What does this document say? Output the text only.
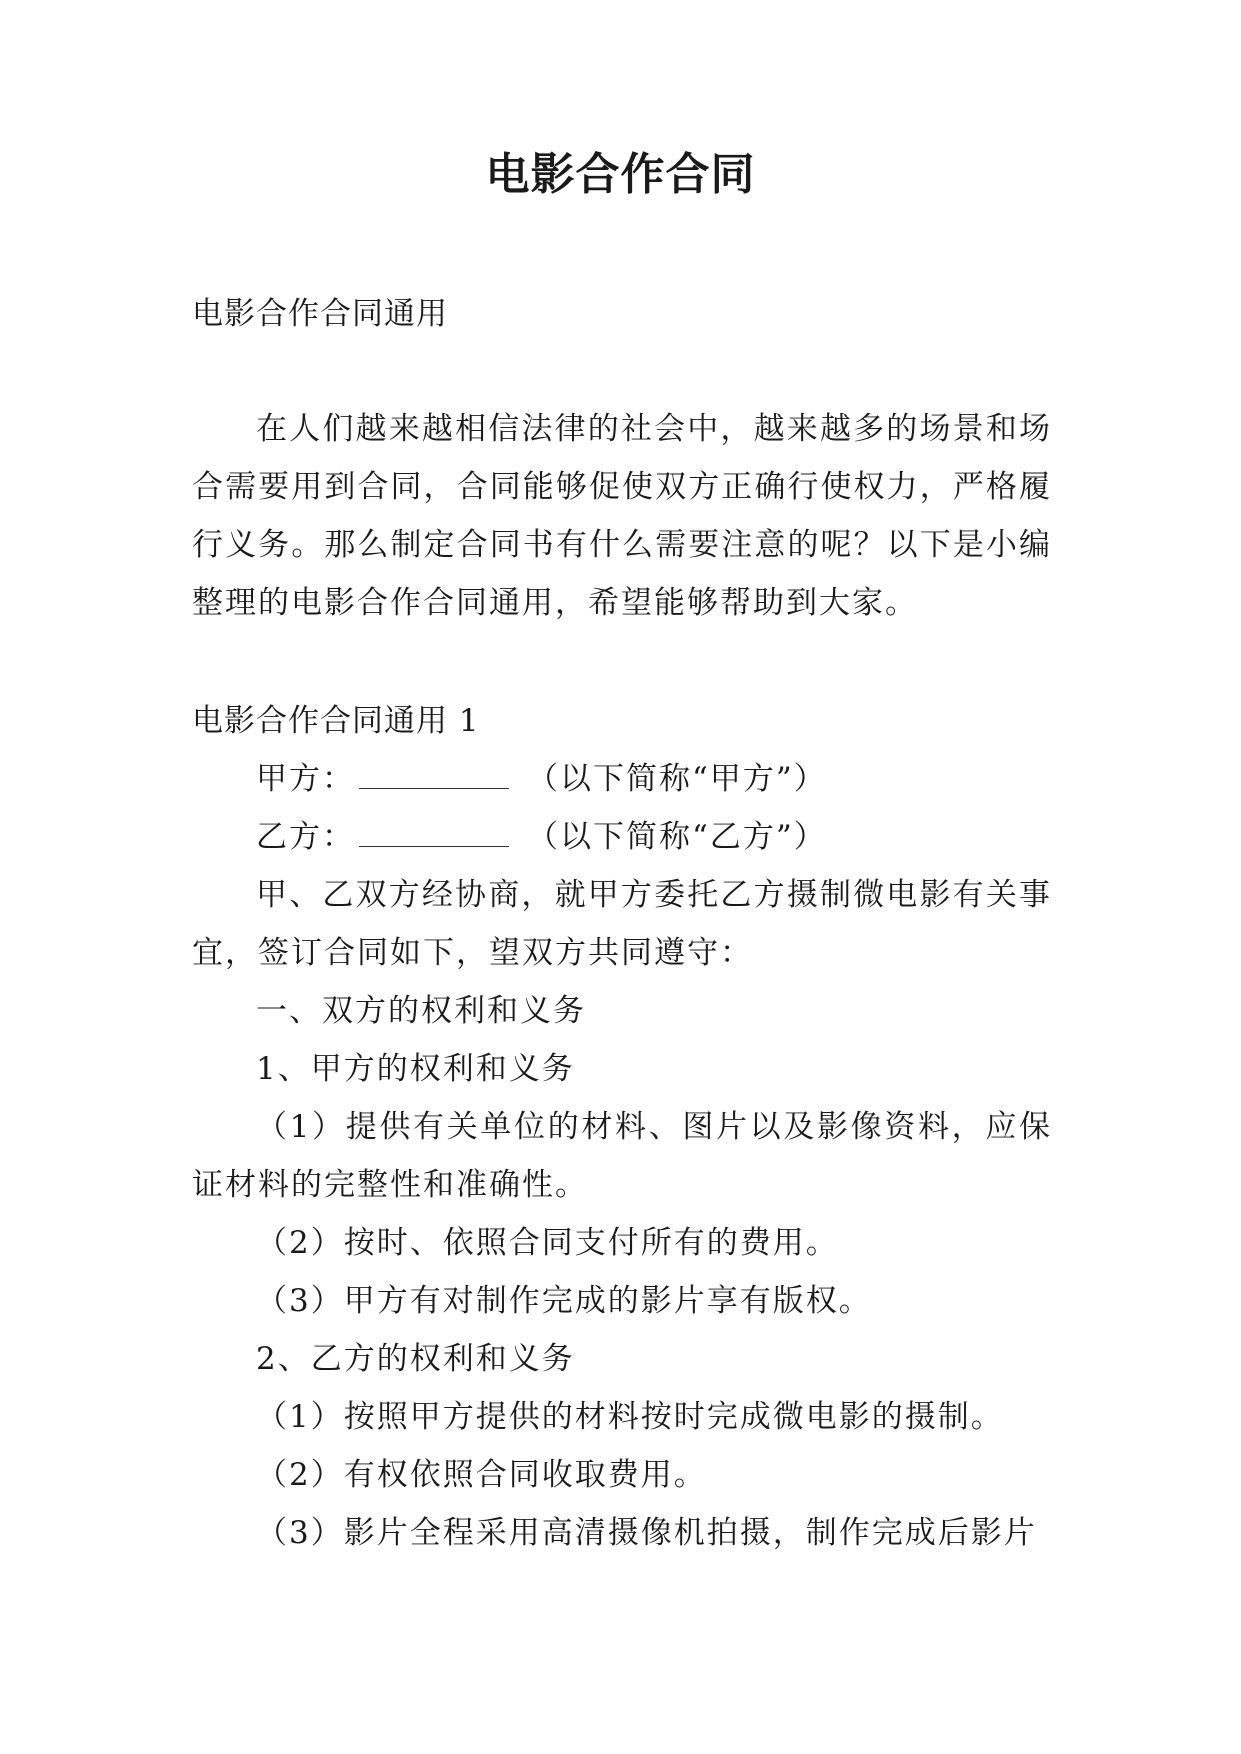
电影合作合同

电影合作合同通用

在人们越来越相信法律的社会中，越来越多的场景和场合需要用到合同，合同能够促使双方正确行使权力，严格履行义务。那么制定合同书有什么需要注意的呢？以下是小编整理的电影合作合同通用，希望能够帮助到大家。

电影合作合同通用 1

甲方：	（以下简称“甲方”）

乙方：	（以下简称“乙方”）

甲、乙双方经协商，就甲方委托乙方摄制微电影有关事宜，签订合同如下，望双方共同遵守：

一、双方的权利和义务

1、甲方的权利和义务

（1）提供有关单位的材料、图片以及影像资料，应保证材料的完整性和准确性。

（2）按时、依照合同支付所有的费用。

（3）甲方有对制作完成的影片享有版权。

2、乙方的权利和义务

（1）按照甲方提供的材料按时完成微电影的摄制。

（2）有权依照合同收取费用。

（3）影片全程采用高清摄像机拍摄，制作完成后影片
